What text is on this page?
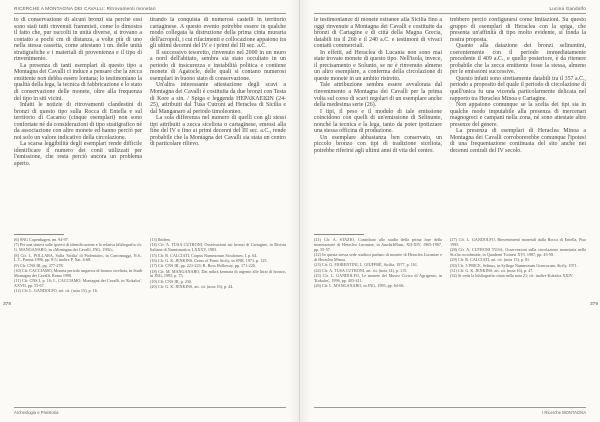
RICERCHE A MONTAGNA DEI CAVALLI: Ritrovamenti monetari

to di conservazione di alcuni bronzi sia perché essi sono stati tutti rinvenuti frammisti, come lo dimostra il fatto che, pur raccolti in unità diverse, si trovano a contatto a pochi cm di distanza, a volte più di uno nella stessa cassetta, come attestano i nn. delle unità stratigrafiche e i materiali di provenienza e il tipo di rinvenimento.

La presenza di tanti esemplari di questo tipo a Montagna dei Cavalli ci induce a pensare che la zecca emittente non debba essere lontana; lo testimoniano la qualità della lega, la tecnica di fabbricazione e lo stato di conservazione delle monete, oltre alla frequenza del tipo in siti vicini.

Infatti le notizie di ritrovamenti clandestini di bronzi di questo tipo sulla Rocca di Entella e sul territorio di Cacamo (cinque esemplari) non sono confortate né da considerazioni di tipo stratigrafico né da associazione con altre monete ed hanno perciò per noi solo un valore indicativo della circolazione.

La scarsa leggibilità degli esemplari rende difficile identificare il numero dei conii utilizzati per l'emissione, che resta perciò ancora un problema aperto.

tirando la conquista di numerosi castelli in territorio cartaginese. A questo evento potrebbe essere in qualche modo collegata la distruzione della prima cinta muraria dell'acropoli, i cui rifacimenti e collocazione appaiono tra gli ultimi decenni del IV e i primi del III sec. a.C.

Il successivo tesoretto, rinvenuto nel 2000 in un muro a nord dell'abitato, sembra sia stato occultato in un periodo di insicurezza e instabilità politica e contiene monete di Agatocle, delle quali si contano numerosi esemplari in buono stato di conservazione.

Un'altra interessante attestazione degli scavi a Montagna dei Cavalli è costituita da due bronzi con Testa di Kore a sin. / Spiga e leggenda HEPAKΛEIΩN (24-25), attribuiti dal Tusa Cutroni ad Heraclea di Sicilia e dal Manganaro al periodo timoleonteo.

La sola differenza nel numero di quelli con gli stessi tipi attribuiti a zecca siceliota o cartaginese, emessi alla fine del IV e fino ai primi decenni del III sec. a.C., rende probabile che la Montagna dei Cavalli sia stata un centro di particolare rilievo.

378

(6) SNG Copenhagen, nn. 94-97.

(7) Per una sintesi sulle ipotesi di identificazione e la relativa bibliografia cfr. G. MANGANARO, in «Montagna dei Cavalli, JNG, 1992».

(8) Cfr. L. POLLARA, Sulla 'Sicilia' di Ptolemaios, in Cartonnaggi, N.S., L.T., Parma 1996, pp. 8-5; inoltre P. Nat, 6-68.

(9) Cfr. CNS III, pp. 277-278.

(10) Cfr. CACCIAMO, Moneta periodo ungarica di bronzo siceliota, in Studi Montagna dei Cavalli, Roma 1998.

(11) Cfr. CNS I, p. 16; L. CACCIAMO, Montagna dei Cavalli, in 'Kokalos', XXVII, pp. 55-67.

(12) Cfr. L. GANDOLFO, art. cit. (nota 15), p. 16.

(13) Ibidem.

(14) Cfr. A. TUSA CUTRONI, Osservazioni sui bronzi di Cartagine, in Rivista Italiana di Numismatica, LXXXV, 1983.

(15) Cfr. R. CALCIATI, Corpus Nummorum Siculorum, I, p. 64.

(16) Cfr. G. K. JENKINS, Coins of Punic Sicily, in SNR, 1971, p. 125.

(17) Cfr. CNS III, pp. 221-223; R. Ross Holloway, pp. 171-220.

(18) Cfr. M. MANGANARO, Dai mikrà kermata di argento alle litrai di bronzo, in JNG, 1995, p. 75.

(19) Cfr. CNS III, p. 230.

(20) Cfr. G. K. JENKINS, art. cit. (nota 16), p. 44.

Archeologia e Preistoria
Lucina Gandolfo

le testimonianze di monete estranee alla Sicilia fino a oggi rinvenute a Montagna dei Cavalli e costituite da bronzi di Cartagine e di città della Magna Grecia, databili tra il 260 e il 240 a.C. e testimoni di vivaci contatti commerciali.

In effetti, ad Heraclea di Lucania non sono mai state trovate monete di questo tipo. Nell'isola, invece, il precisamento e Solunto, se ne è rinvenuto almeno un altro esemplare, a conferma della circolazione di queste monete in un ambito ristretto.

Tale attribuzione sembra essere avvalorata dal rinvenimento a Montagna dei Cavalli per la prima volta sul corso di scavi regolari di un esemplare anche della medesima serie (26).

I tipi, il peso e il modulo di tale emissione coincidono con quelli di un'emissione di Selinunte, nonché la tecnica e la lega, tanto da poter ipotizzare una stessa officina di produzione.

Un esemplare abbastanza ben conservato, un piccolo bronzo con tipi di tradizione siceliota, potrebbe riferirsi agli ultimi anni di vita del centro.

trebbero perciò configurarsi come Imitazioni. Su questo gruppo di esemplari di Heraclea con la spiga, che presenta un'affinità di tipo molto evidente, si fonda la nostra proposta.

Quanto alla datazione dei bronzi selinuntini, coerentemente con il periodo immediatamente precedente il 409 a.C., e quello posteriore, è da ritenere probabile che la zecca emittente fosse la stessa, almeno per le emissioni successive.

Questo infatti sono strettamente databili tra il 357 a.C., periodo a proposito del quale il periodo di circolazione di quell'unica fu una vicenda particolarmente delicata nel rapporto tra Heraclea Minoa e Cartagine.

Non appaiono comunque se la scelta dei tipi sia in qualche modo imputabile alla presenza di mercenari magnogreci e campani nella zona, né sono attestate altre presenze del genere.

La presenza di esemplari di Heraclea Minoa a Montagna dei Cavalli corroborerebbe comunque l'ipotesi di una frequentazione continuata del sito anche nei decenni centrali del IV secolo.

379

(21) Cfr. A. STAZIO, Contributo allo studio della prima fase della monetazione di Heraclea Lucaniae, in AnnIstItNum, XII-XIV, 1965-1967, pp. 55-57.

(22) In questa stessa sede studiosi parlano di monete di Heraclea Lucaniae e di Heraclea Minoa.

(23) Cfr. G. FIORENTINI, L. GIUFFRÈ, Sicilia, 1977, p. 161.

(24) Cfr. A. TUSA CUTRONI, art. cit. (nota 14), p. 115.

(25) Cfr. L. GANDOLFO, Le monete del Museo Civico di Agrigento, in 'Kokalos', 1996, pp. 405-411.

(26) Cfr. L. MANGANARO, in JNG, 1995, pp. 64-66.

(27) Cfr. L. GANDOLFO, Rinvenimenti monetali dalla Rocca di Entella, Pisa 1995.

(28) Cfr. A. CUTRONI TUSA, Osservazioni sulla circolazione monetaria nella Sicilia occidentale, in Quaderni Ticinesi XVI, 1987, pp. 45-58.

(29) Cfr. R. CALCIATI, art. cit. (nota 15), p. 81.

(30) Cfr. J. PRICE, Selinus, in Sylloge Nummorum Graecorum, Sicily, 1971.

(31) Cfr. G. K. JENKINS, art. cit. (nota 16), p. 47.

(32) Si veda la bibliografia citata nella nota 21; cfr. inoltre Kokalos XXIV.

I Ricerche MONTAGNA
